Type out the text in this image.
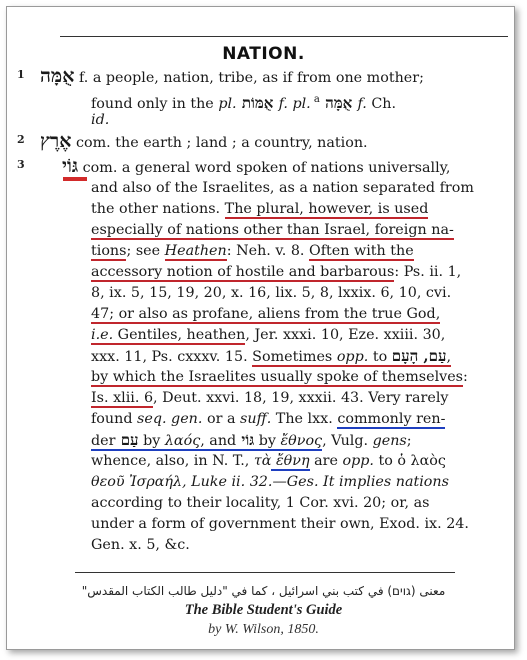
NATION.
1
2
3
אֻמָּה f. a people, nation, tribe, as if from one mother;
found only in the pl. אֻמּוֹת f. pl. $^a$ אֻמָּה f. Ch.
id.
אֶרֶץ com. the earth ; land ; a country, nation.
גּוֹי com. a general word spoken of nations universally,
and also of the Israelites, as a nation separated from
the other nations. The plural, however, is used
especially of nations other than Israel, foreign na-
tions; see Heathen: Neh. v. 8. Often with the
accessory notion of hostile and barbarous: Ps. ii. 1,
8, ix. 5, 15, 19, 20, x. 16, lix. 5, 8, lxxix. 6, 10, cvi.
47; or also as profane, aliens from the true God,
i.e. Gentiles, heathen, Jer. xxxi. 10, Eze. xxiii. 30,
xxx. 11, Ps. cxxxv. 15. Sometimes opp. to עַם, הָעָם,
by which the Israelites usually spoke of themselves:
Is. xlii. 6, Deut. xxvi. 18, 19, xxxii. 43. Very rarely
found seq. gen. or a suff. The lxx. commonly ren-
der עַם by λαός, and גּוֹי by ἔθνος, Vulg. gens;
whence, also, in N. T., τὰ ἔθνη are opp. to ὁ λαὸς
θεοῦ Ἰσραήλ, Luke ii. 32.—Ges. It implies nations
according to their locality, 1 Cor. xvi. 20; or, as
under a form of government their own, Exod. ix. 24.
Gen. x. 5, &c.
معنى (גוים) في كتب بني اسرائيل ، كما في "دليل طالب الكتاب المقدس"
The Bible Student's Guide
by W. Wilson, 1850.
